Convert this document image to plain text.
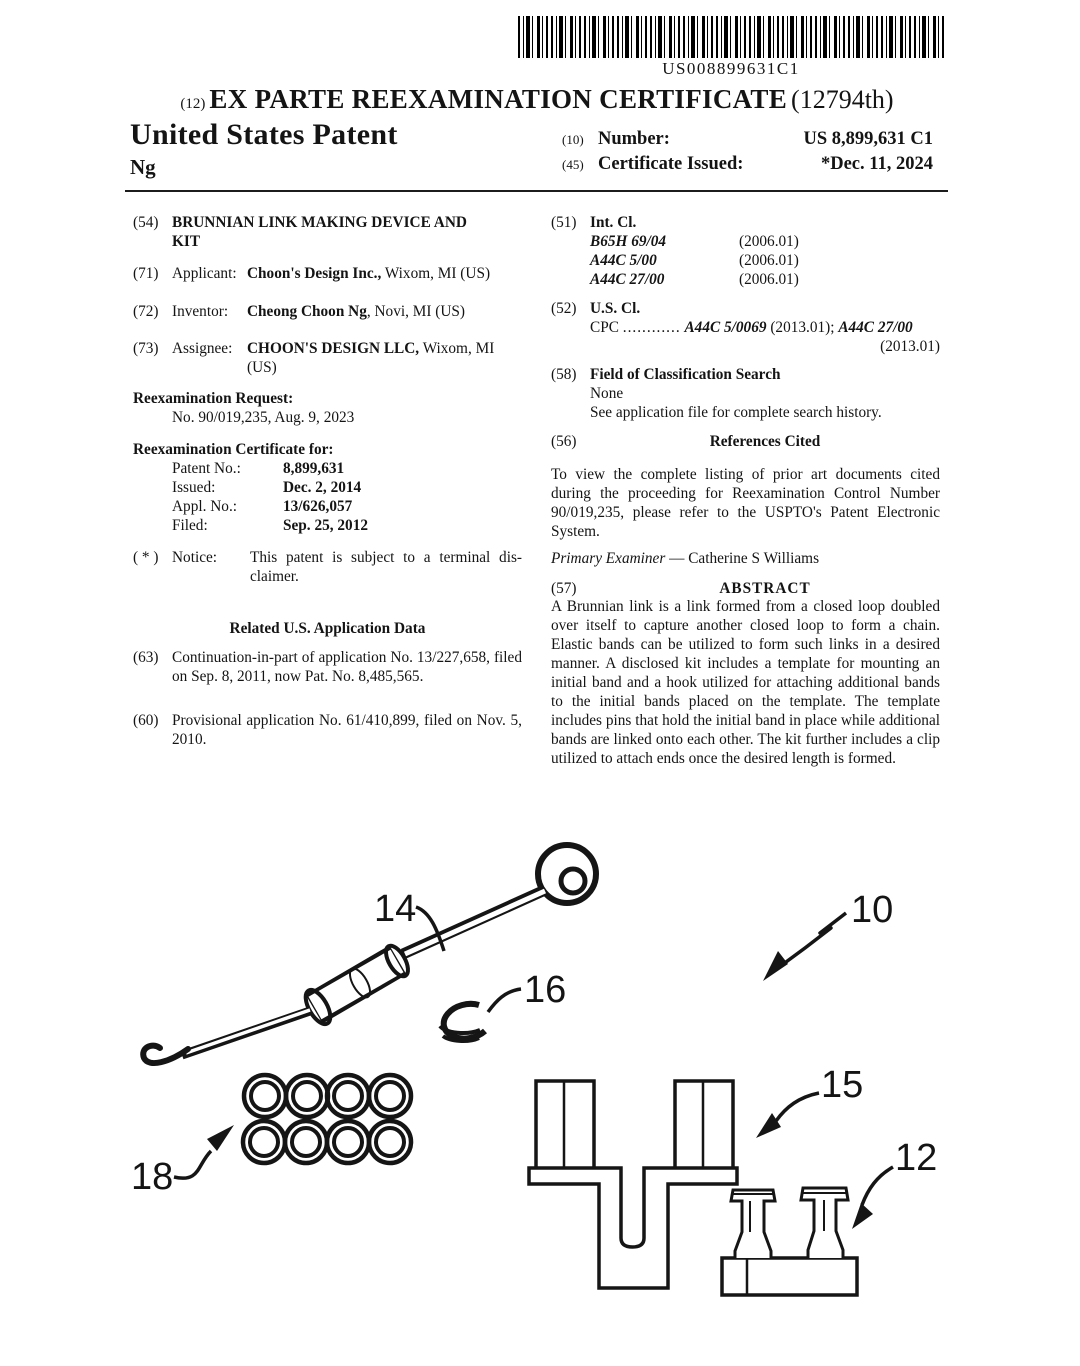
US008899631C1
(12) EX PARTE REEXAMINATION CERTIFICATE (12794th)
United States Patent
Ng
(10) Number:	US 8,899,631 C1
(45) Certificate Issued:	*Dec. 11, 2024
(54) BRUNNIAN LINK MAKING DEVICE AND
KIT
(71) Applicant: Choon's Design Inc., Wixom, MI (US)
(72) Inventor: Cheong Choon Ng, Novi, MI (US)
(73) Assignee: CHOON'S DESIGN LLC, Wixom, MI
(US)
Reexamination Request:
No. 90/019,235, Aug. 9, 2023
Reexamination Certificate for:
Patent No.:	8,899,631
Issued:	Dec. 2, 2014
Appl. No.:	13/626,057
Filed:	Sep. 25, 2012
( * ) Notice:	This patent is subject to a terminal dis-
claimer.
Related U.S. Application Data
(63) Continuation-in-part of application No. 13/227,658, filed on Sep. 8, 2011, now Pat. No. 8,485,565.
(60) Provisional application No. 61/410,899, filed on Nov. 5, 2010.
(51) Int. Cl.
B65H 69/04	(2006.01)
A44C 5/00	(2006.01)
A44C 27/00	(2006.01)
(52) U.S. Cl.
CPC ............ A44C 5/0069 (2013.01); A44C 27/00
(2013.01)
(58) Field of Classification Search
None
See application file for complete search history.
(56)	References Cited
To view the complete listing of prior art documents cited during the proceeding for Reexamination Control Number 90/019,235, please refer to the USPTO's Patent Electronic System.
Primary Examiner — Catherine S Williams
(57)	ABSTRACT
A Brunnian link is a link formed from a closed loop doubled over itself to capture another closed loop to form a chain. Elastic bands can be utilized to form such links in a desired manner. A disclosed kit includes a template for mounting an initial band and a hook utilized for attaching additional bands to the initial bands placed on the template. The template includes pins that hold the initial band in place while additional bands are linked onto each other. The kit further includes a clip utilized to attach ends once the desired length is formed.
14
16
10
18
15
12
